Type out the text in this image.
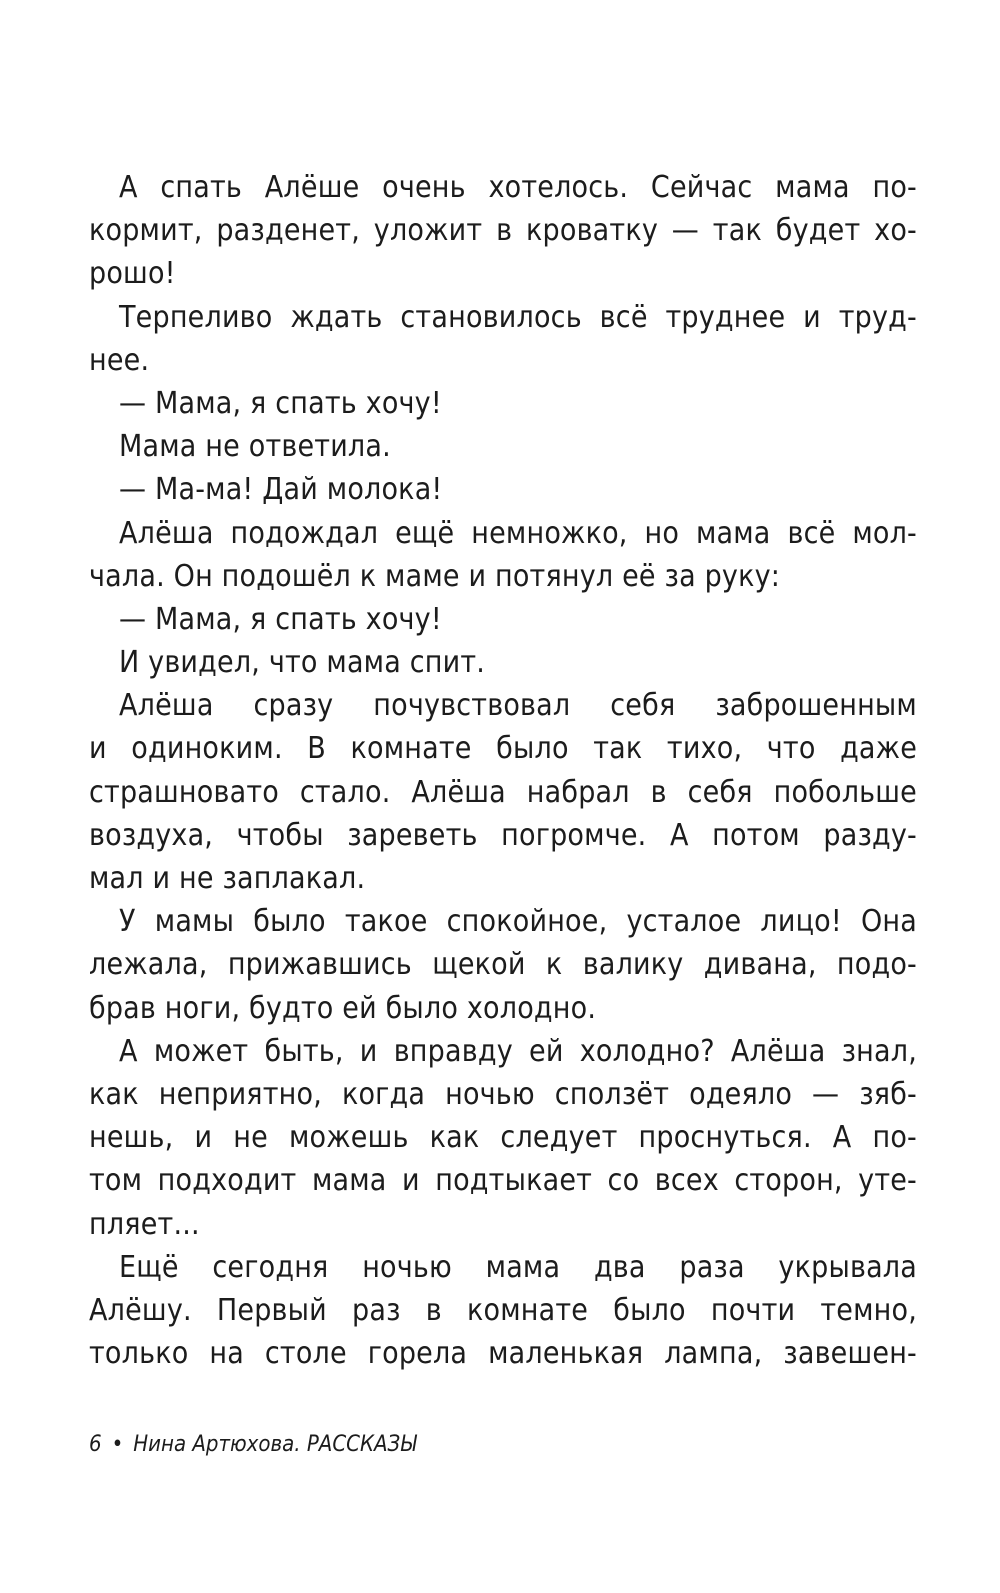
А спать Алёше очень хотелось. Сейчас мама по-
кормит, разденет, уложит в кроватку — так будет хо-
рошо!
Терпеливо ждать становилось всё труднее и труд-
нее.
— Мама, я спать хочу!
Мама не ответила.
— Ма-ма! Дай молока!
Алёша подождал ещё немножко, но мама всё мол-
чала. Он подошёл к маме и потянул её за руку:
— Мама, я спать хочу!
И увидел, что мама спит.
Алёша сразу почувствовал себя заброшенным
и одиноким. В комнате было так тихо, что даже
страшновато стало. Алёша набрал в себя побольше
воздуха, чтобы зареветь погромче. А потом разду-
мал и не заплакал.
У мамы было такое спокойное, усталое лицо! Она
лежала, прижавшись щекой к валику дивана, подо-
брав ноги, будто ей было холодно.
А может быть, и вправду ей холодно? Алёша знал,
как неприятно, когда ночью сползёт одеяло — зяб-
нешь, и не можешь как следует проснуться. А по-
том подходит мама и подтыкает со всех сторон, уте-
пляет...
Ещё сегодня ночью мама два раза укрывала
Алёшу. Первый раз в комнате было почти темно,
только на столе горела маленькая лампа, завешен-
6 • Нина Артюхова. РАССКАЗЫ
